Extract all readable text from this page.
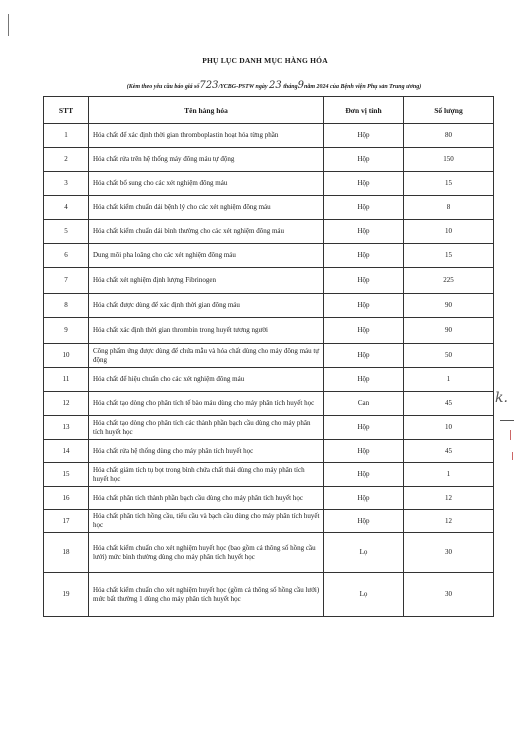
PHỤ LỤC DANH MỤC HÀNG HÓA
(Kèm theo yêu cầu báo giá số723/YCBG-PSTW ngày 23 tháng9năm 2024 của Bệnh viện Phụ sản Trung ương)
STT	Tên hàng hóa	Đơn vị tính	Số lượng
1	Hóa chất để xác định thời gian thromboplastin hoạt hóa từng phần	Hộp	80
2	Hóa chất rửa trên hệ thống máy đông máu tự động	Hộp	150
3	Hóa chất bổ sung cho các xét nghiệm đông máu	Hộp	15
4	Hóa chất kiểm chuẩn dải bệnh lý cho các xét nghiệm đông máu	Hộp	8
5	Hóa chất kiểm chuẩn dải bình thường cho các xét nghiệm đông máu	Hộp	10
6	Dung môi pha loãng cho các xét nghiệm đông máu	Hộp	15
7	Hóa chất xét nghiệm định lượng Fibrinogen	Hộp	225
8	Hóa chất được dùng để xác định thời gian đông máu	Hộp	90
9	Hóa chất xác định thời gian thrombin trong huyết tương người	Hộp	90
10	Công phẩm ứng được dùng để chứa mẫu và hóa chất dùng cho máy đông máu tự động	Hộp	50
11	Hóa chất để hiệu chuẩn cho các xét nghiệm đông máu	Hộp	1
12	Hóa chất tạo dòng cho phân tích tế bào máu dùng cho máy phân tích huyết học	Can	45
13	Hóa chất tạo dòng cho phân tích các thành phần bạch cầu dùng cho máy phân tích huyết học	Hộp	10
14	Hóa chất rửa hệ thống dùng cho máy phân tích huyết học	Hộp	45
15	Hóa chất giảm tích tụ bọt trong bình chứa chất thải dùng cho máy phân tích huyết học	Hộp	1
16	Hóa chất phân tích thành phần bạch cầu dùng cho máy phân tích huyết học	Hộp	12
17	Hóa chất phân tích hồng cầu, tiểu cầu và bạch cầu dùng cho máy phân tích huyết học	Hộp	12
18	Hóa chất kiểm chuẩn cho xét nghiệm huyết học (bao gồm cả thông số hồng cầu lưới) mức bình thường dùng cho máy phân tích huyết học	Lọ	30
19	Hóa chất kiểm chuẩn cho xét nghiệm huyết học (gồm cả thông số hồng cầu lưới) mức bất thường 1 dùng cho máy phân tích huyết học	Lọ	30
k.
